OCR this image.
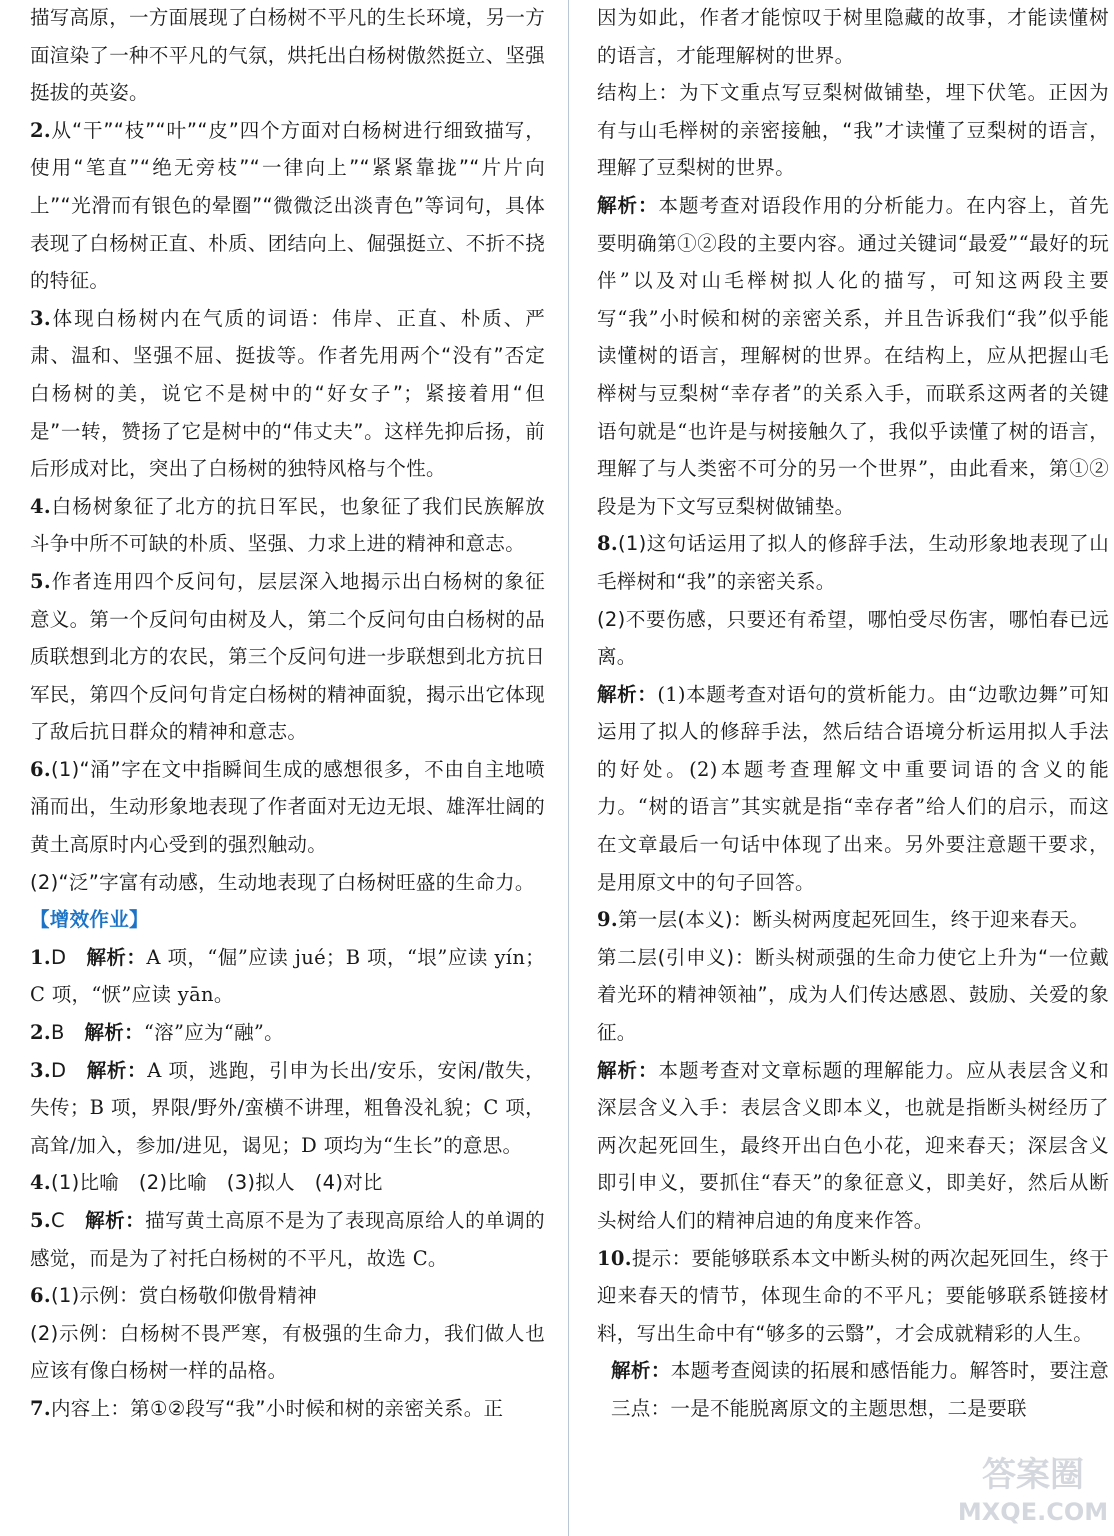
描写高原，一方面展现了白杨树不平凡的生长环境，另一方面渲染了一种不平凡的气氛，烘托出白杨树傲然挺立、坚强挺拔的英姿。

2.从“干”“枝”“叶”“皮”四个方面对白杨树进行细致描写，使用“笔直”“绝无旁枝”“一律向上”“紧紧靠拢”“片片向上”“光滑而有银色的晕圈”“微微泛出淡青色”等词句，具体表现了白杨树正直、朴质、团结向上、倔强挺立、不折不挠的特征。

3.体现白杨树内在气质的词语：伟岸、正直、朴质、严肃、温和、坚强不屈、挺拔等。作者先用两个“没有”否定白杨树的美，说它不是树中的“好女子”；紧接着用“但是”一转，赞扬了它是树中的“伟丈夫”。这样先抑后扬，前后形成对比，突出了白杨树的独特风格与个性。

4.白杨树象征了北方的抗日军民，也象征了我们民族解放斗争中所不可缺的朴质、坚强、力求上进的精神和意志。

5.作者连用四个反问句，层层深入地揭示出白杨树的象征意义。第一个反问句由树及人，第二个反问句由白杨树的品质联想到北方的农民，第三个反问句进一步联想到北方抗日军民，第四个反问句肯定白杨树的精神面貌，揭示出它体现了敌后抗日群众的精神和意志。

6.(1)“涌”字在文中指瞬间生成的感想很多，不由自主地喷涌而出，生动形象地表现了作者面对无边无垠、雄浑壮阔的黄土高原时内心受到的强烈触动。

(2)“泛”字富有动感，生动地表现了白杨树旺盛的生命力。

【增效作业】

1.D　 解析：A 项，“倔”应读 jué；B 项，“垠”应读 yín；C 项，“恹”应读 yān。

2.B　 解析：“溶”应为“融”。

3.D　 解析：A 项，逃跑，引申为长出/安乐，安闲/散失，失传；B 项，界限/野外/蛮横不讲理，粗鲁没礼貌；C 项，高耸/加入，参加/进见，谒见；D 项均为“生长”的意思。

4.(1)比喻　(2)比喻　(3)拟人　(4)对比

5.C　 解析：描写黄土高原不是为了表现高原给人的单调的感觉，而是为了衬托白杨树的不平凡，故选 C。

6.(1)示例：赏白杨敬仰傲骨精神

(2)示例：白杨树不畏严寒，有极强的生命力，我们做人也应该有像白杨树一样的品格。

7.内容上：第①②段写“我”小时候和树的亲密关系。正

因为如此，作者才能惊叹于树里隐藏的故事，才能读懂树的语言，才能理解树的世界。

结构上：为下文重点写豆梨树做铺垫，埋下伏笔。正因为有与山毛榉树的亲密接触，“我”才读懂了豆梨树的语言，理解了豆梨树的世界。

解析：本题考查对语段作用的分析能力。在内容上，首先要明确第①②段的主要内容。通过关键词“最爱”“最好的玩伴”以及对山毛榉树拟人化的描写，可知这两段主要写“我”小时候和树的亲密关系，并且告诉我们“我”似乎能读懂树的语言，理解树的世界。在结构上，应从把握山毛榉树与豆梨树“幸存者”的关系入手，而联系这两者的关键语句就是“也许是与树接触久了，我似乎读懂了树的语言，理解了与人类密不可分的另一个世界”，由此看来，第①②段是为下文写豆梨树做铺垫。

8.(1)这句话运用了拟人的修辞手法，生动形象地表现了山毛榉树和“我”的亲密关系。

(2)不要伤感，只要还有希望，哪怕受尽伤害，哪怕春已远离。

解析：(1)本题考查对语句的赏析能力。由“边歌边舞”可知运用了拟人的修辞手法，然后结合语境分析运用拟人手法的好处。(2)本题考查理解文中重要词语的含义的能力。“树的语言”其实就是指“幸存者”给人们的启示，而这在文章最后一句话中体现了出来。另外要注意题干要求，是用原文中的句子回答。

9.第一层(本义)：断头树两度起死回生，终于迎来春天。

第二层(引申义)：断头树顽强的生命力使它上升为“一位戴着光环的精神领袖”，成为人们传达感恩、鼓励、关爱的象征。

解析：本题考查对文章标题的理解能力。应从表层含义和深层含义入手：表层含义即本义，也就是指断头树经历了两次起死回生，最终开出白色小花，迎来春天；深层含义即引申义，要抓住“春天”的象征意义，即美好，然后从断头树给人们的精神启迪的角度来作答。

10.提示：要能够联系本文中断头树的两次起死回生，终于迎来春天的情节，体现生命的不平凡；要能够联系链接材料，写出生命中有“够多的云翳”，才会成就精彩的人生。

解析：本题考查阅读的拓展和感悟能力。解答时，要注意三点：一是不能脱离原文的主题思想，二是要联

答案圈
MXQE.COM
